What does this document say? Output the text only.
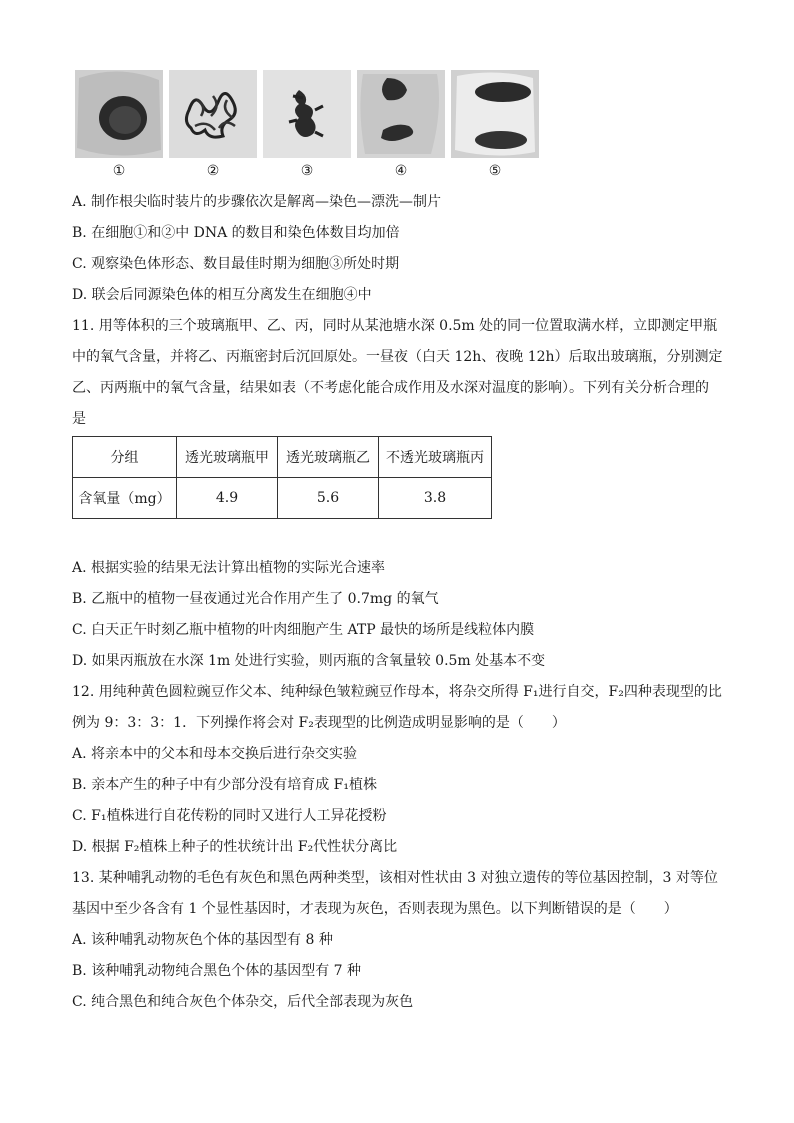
①	②	③	④	⑤
A. 制作根尖临时装片的步骤依次是解离—染色—漂洗—制片
B. 在细胞①和②中 DNA 的数目和染色体数目均加倍
C. 观察染色体形态、数目最佳时期为细胞③所处时期
D. 联会后同源染色体的相互分离发生在细胞④中
11. 用等体积的三个玻璃瓶甲、乙、丙，同时从某池塘水深 0.5m 处的同一位置取满水样，立即测定甲瓶
中的氧气含量，并将乙、丙瓶密封后沉回原处。一昼夜（白天 12h、夜晚 12h）后取出玻璃瓶，分别测定
乙、丙两瓶中的氧气含量，结果如表（不考虑化能合成作用及水深对温度的影响）。下列有关分析合理的
是
分组	透光玻璃瓶甲	透光玻璃瓶乙	不透光玻璃瓶丙
含氧量（mg）	4.9	5.6	3.8
A. 根据实验的结果无法计算出植物的实际光合速率
B. 乙瓶中的植物一昼夜通过光合作用产生了 0.7mg 的氧气
C. 白天正午时刻乙瓶中植物的叶肉细胞产生 ATP 最快的场所是线粒体内膜
D. 如果丙瓶放在水深 1m 处进行实验，则丙瓶的含氧量较 0.5m 处基本不变
12. 用纯种黄色圆粒豌豆作父本、纯种绿色皱粒豌豆作母本，将杂交所得 F₁进行自交，F₂四种表现型的比
例为 9：3：3：1．下列操作将会对 F₂表现型的比例造成明显影响的是（　　）
A. 将亲本中的父本和母本交换后进行杂交实验
B. 亲本产生的种子中有少部分没有培育成 F₁植株
C. F₁植株进行自花传粉的同时又进行人工异花授粉
D. 根据 F₂植株上种子的性状统计出 F₂代性状分离比
13. 某种哺乳动物的毛色有灰色和黑色两种类型，该相对性状由 3 对独立遗传的等位基因控制，3 对等位
基因中至少各含有 1 个显性基因时，才表现为灰色，否则表现为黑色。以下判断错误的是（　　）
A. 该种哺乳动物灰色个体的基因型有 8 种
B. 该种哺乳动物纯合黑色个体的基因型有 7 种
C. 纯合黑色和纯合灰色个体杂交，后代全部表现为灰色
